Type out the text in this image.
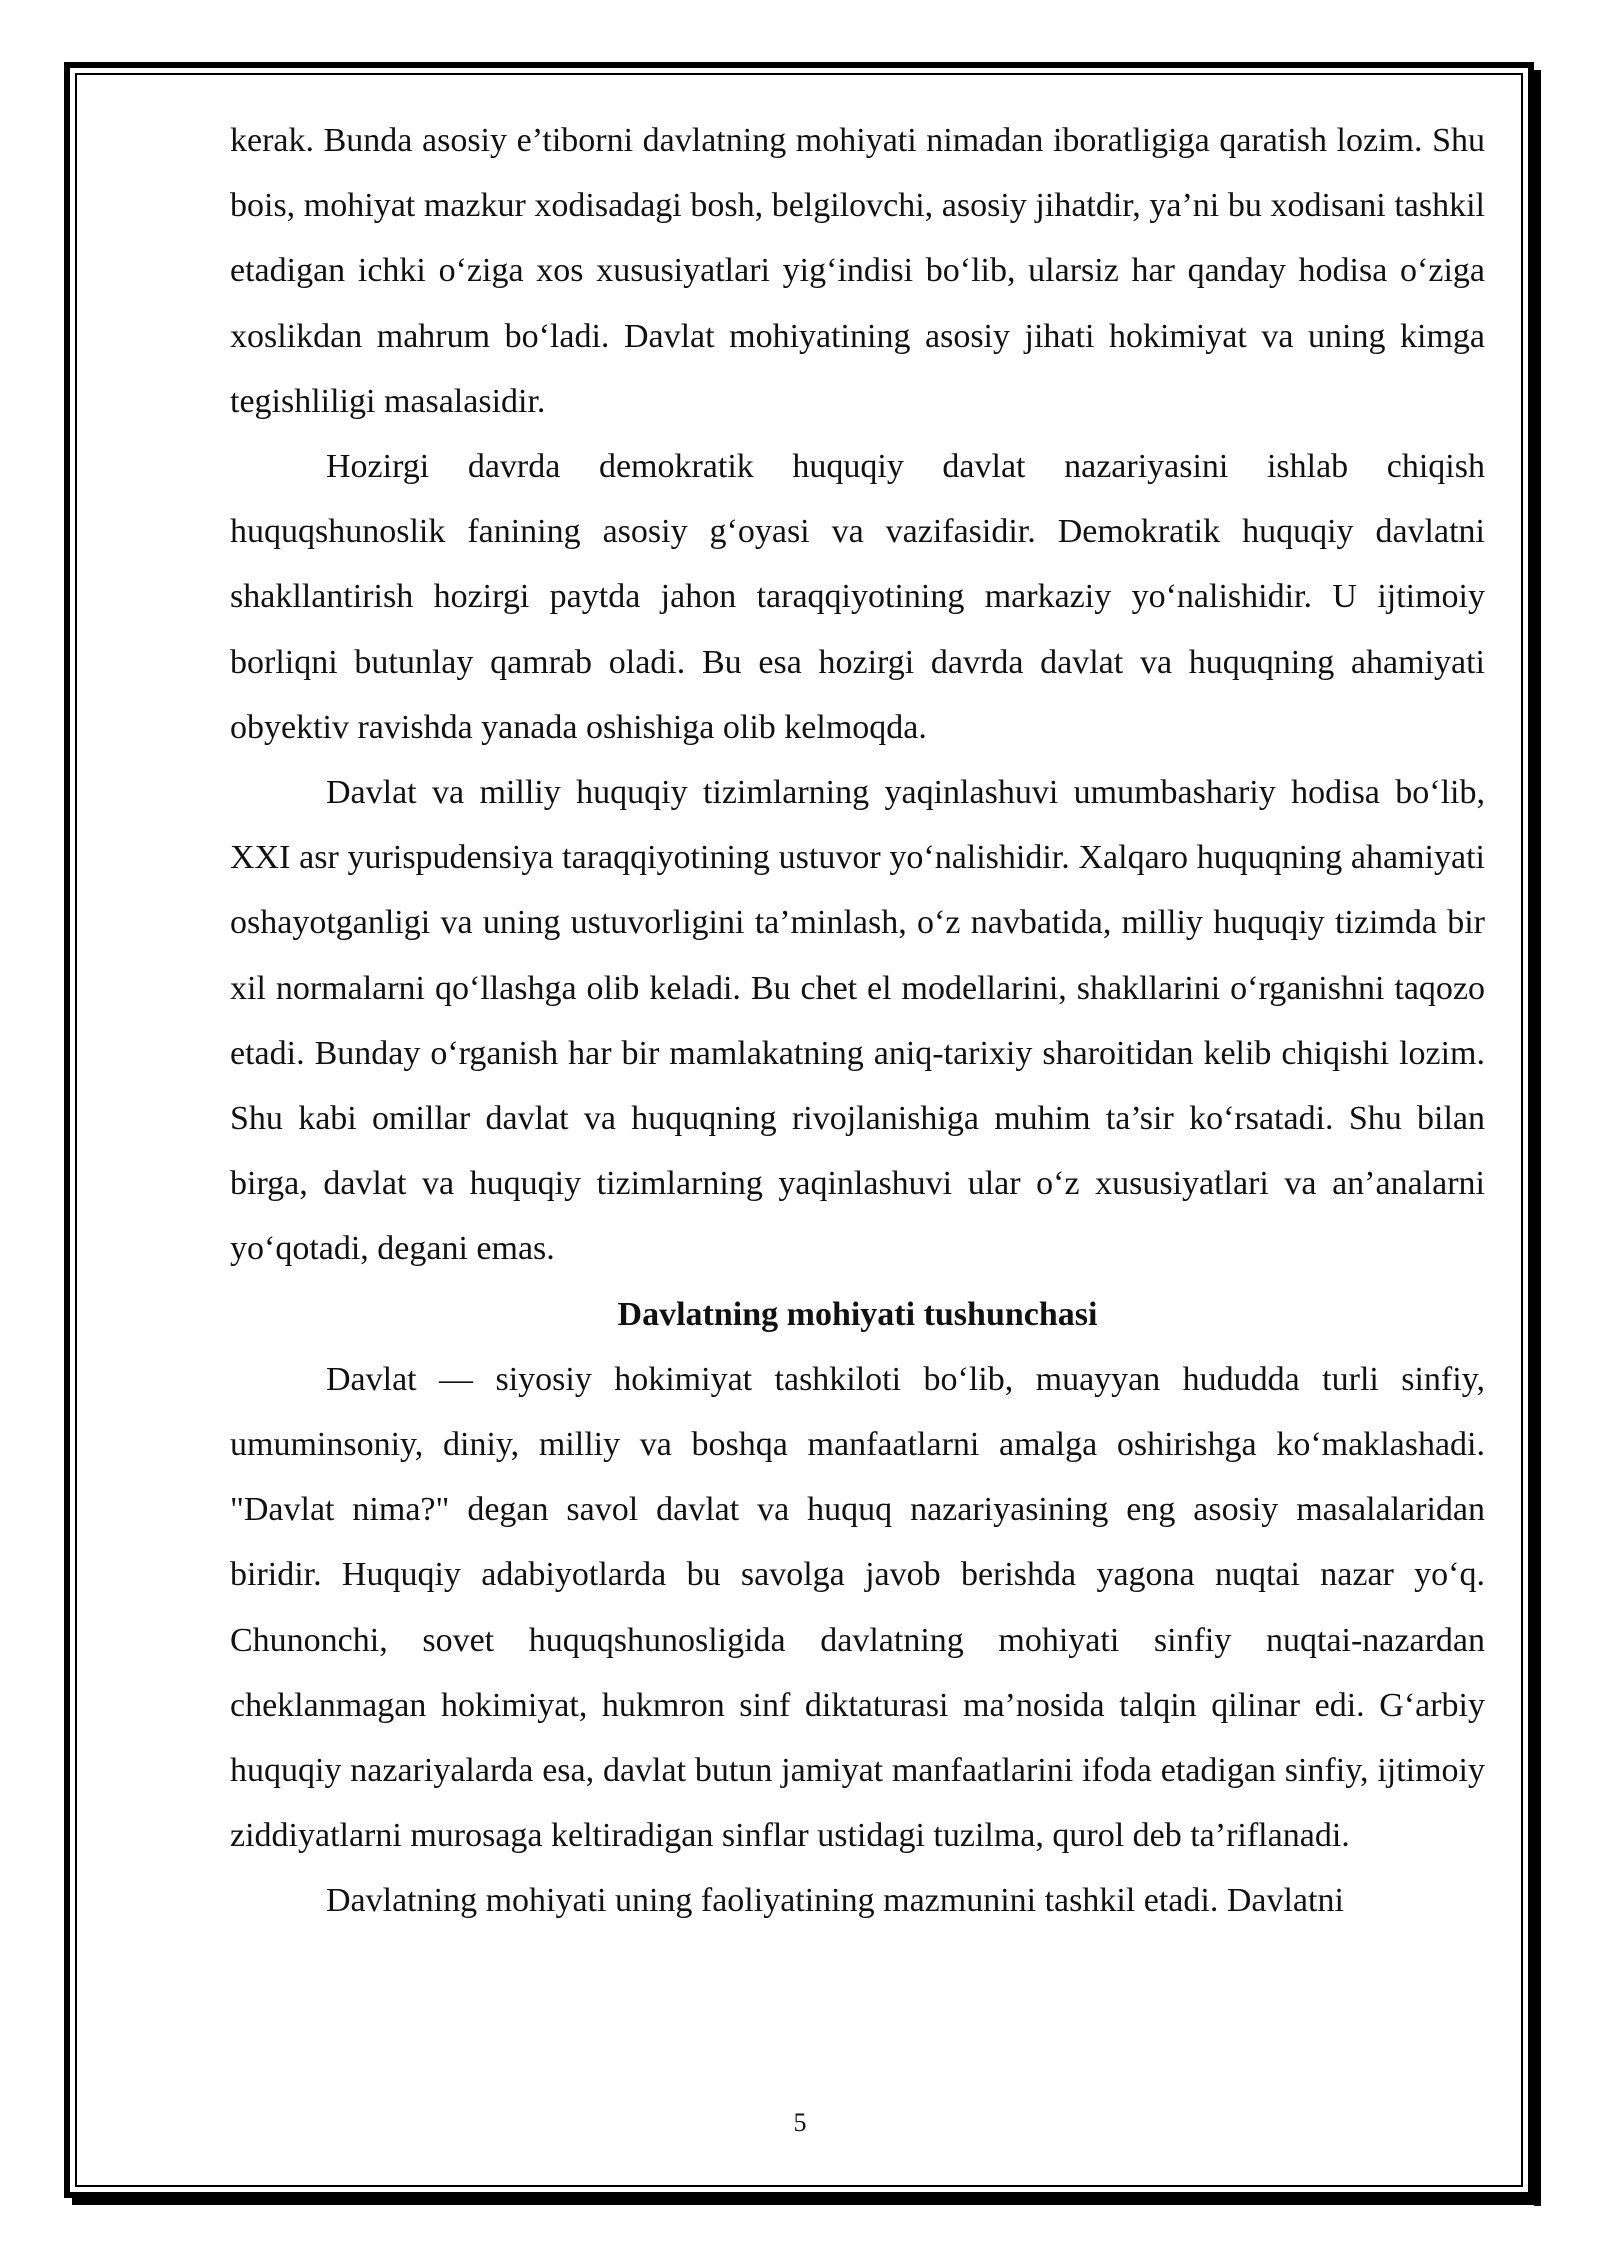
kerak. Bunda asosiy e’tiborni davlatning mohiyati nimadan iboratligiga qaratish lozim. Shu bois, mohiyat mazkur xodisadagi bosh, belgilovchi, asosiy jihatdir, ya’ni bu xodisani tashkil etadigan ichki o‘ziga xos xususiyatlari yig‘indisi bo‘lib, ularsiz har qanday hodisa o‘ziga xoslikdan mahrum bo‘ladi. Davlat mohiyatining asosiy jihati hokimiyat va uning kimga tegishliligi masalasidir.

Hozirgi davrda demokratik huquqiy davlat nazariyasini ishlab chiqish huquqshunoslik fanining asosiy g‘oyasi va vazifasidir. Demokratik huquqiy davlatni shakllantirish hozirgi paytda jahon taraqqiyotining markaziy yo‘nalishidir. U ijtimoiy borliqni butunlay qamrab oladi. Bu esa hozirgi davrda davlat va huquqning ahamiyati obyektiv ravishda yanada oshishiga olib kelmoqda.

Davlat va milliy huquqiy tizimlarning yaqinlashuvi umumbashariy hodisa bo‘lib, XXI asr yurispudensiya taraqqiyotining ustuvor yo‘nalishidir. Xalqaro huquqning ahamiyati oshayotganligi va uning ustuvorligini ta’minlash, o‘z navbatida, milliy huquqiy tizimda bir xil normalarni qo‘llashga olib keladi. Bu chet el modellarini, shakllarini o‘rganishni taqozo etadi. Bunday o‘rganish har bir mamlakatning aniq-tarixiy sharoitidan kelib chiqishi lozim. Shu kabi omillar davlat va huquqning rivojlanishiga muhim ta’sir ko‘rsatadi. Shu bilan birga, davlat va huquqiy tizimlarning yaqinlashuvi ular o‘z xususiyatlari va an’analarni yo‘qotadi, degani emas.

Davlatning mohiyati tushunchasi

Davlat — siyosiy hokimiyat tashkiloti bo‘lib, muayyan hududda turli sinfiy, umuminsoniy, diniy, milliy va boshqa manfaatlarni amalga oshirishga ko‘maklashadi. "Davlat nima?" degan savol davlat va huquq nazariyasining eng asosiy masalalaridan biridir. Huquqiy adabiyotlarda bu savolga javob berishda yagona nuqtai nazar yo‘q. Chunonchi, sovet huquqshunosligida davlatning mohiyati sinfiy nuqtai-nazardan cheklanmagan hokimiyat, hukmron sinf diktaturasi ma’nosida talqin qilinar edi. G‘arbiy huquqiy nazariyalarda esa, davlat butun jamiyat manfaatlarini ifoda etadigan sinfiy, ijtimoiy ziddiyatlarni murosaga keltiradigan sinflar ustidagi tuzilma, qurol deb ta’riflanadi.

Davlatning mohiyati uning faoliyatining mazmunini tashkil etadi. Davlatni

5
